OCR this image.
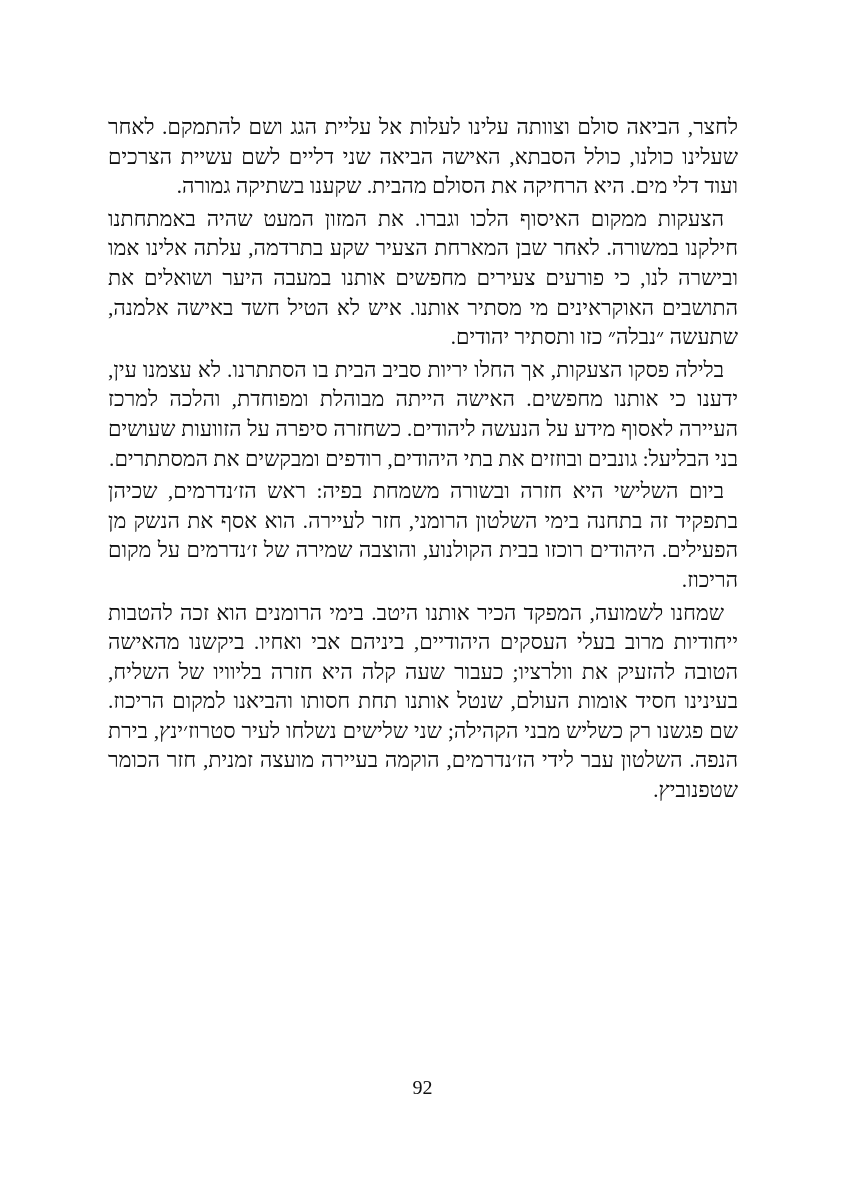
לחצר, הביאה סולם וצוותה עלינו לעלות אל עליית הגג ושם להתמקם. לאחר שעלינו כולנו, כולל הסבתא, האישה הביאה שני דליים לשם עשיית הצרכים ועוד דלי מים. היא הרחיקה את הסולם מהבית. שקענו בשתיקה גמורה.

הצעקות ממקום האיסוף הלכו וגברו. את המזון המעט שהיה באמתחתנו חילקנו במשורה. לאחר שבן המארחת הצעיר שקע בתרדמה, עלתה אלינו אמו ובישרה לנו, כי פורעים צעירים מחפשים אותנו במעבה היער ושואלים את התושבים האוקראינים מי מסתיר אותנו. איש לא הטיל חשד באישה אלמנה, שתעשה ״נבלה״ כזו ותסתיר יהודים.

בלילה פסקו הצעקות, אך החלו יריות סביב הבית בו הסתתרנו. לא עצמנו עין, ידענו כי אותנו מחפשים. האישה הייתה מבוהלת ומפוחדת, והלכה למרכז העיירה לאסוף מידע על הנעשה ליהודים. כשחזרה סיפרה על הזוועות שעושים בני הבליעל: גונבים ובוזזים את בתי היהודים, רודפים ומבקשים את המסתתרים.

ביום השלישי היא חזרה ובשורה משמחת בפיה: ראש הז׳נדרמים, שכיהן בתפקיד זה בתחנה בימי השלטון הרומני, חזר לעיירה. הוא אסף את הנשק מן הפעילים. היהודים רוכזו בבית הקולנוע, והוצבה שמירה של ז׳נדרמים על מקום הריכוז.

שמחנו לשמועה, המפקד הכיר אותנו היטב. בימי הרומנים הוא זכה להטבות ייחודיות מרוב בעלי העסקים היהודיים, ביניהם אבי ואחיו. ביקשנו מהאישה הטובה להזעיק את וולרציו; כעבור שעה קלה היא חזרה בליוויו של השליח, בעינינו חסיד אומות העולם, שנטל אותנו תחת חסותו והביאנו למקום הריכוז. שם פגשנו רק כשליש מבני הקהילה; שני שלישים נשלחו לעיר סטרוז׳ינץ, בירת הנפה. השלטון עבר לידי הז׳נדרמים, הוקמה בעיירה מועצה זמנית, חזר הכומר שטפנוביץ.

92
